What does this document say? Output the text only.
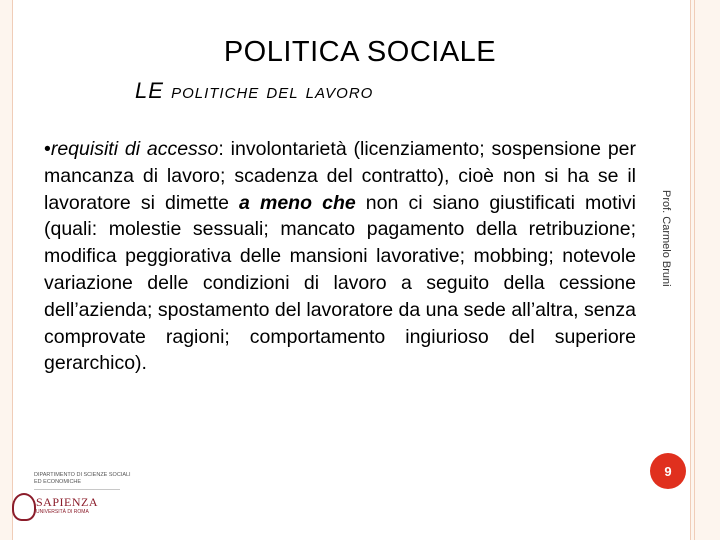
POLITICA SOCIALE
LE politiche del lavoro
•requisiti di accesso: involontarietà (licenziamento; sospensione per mancanza di lavoro; scadenza del contratto), cioè non si ha se il lavoratore si dimette a meno che non ci siano giustificati motivi (quali: molestie sessuali; mancato pagamento della retribuzione; modifica peggiorativa delle mansioni lavorative; mobbing; notevole variazione delle condizioni di lavoro a seguito della cessione dell’azienda; spostamento del lavoratore da una sede all’altra, senza comprovate ragioni; comportamento ingiurioso del superiore gerarchico).
Prof. Carmelo Bruni
9
DIPARTIMENTO DI SCIENZE SOCIALI
ED ECONOMICHE
SAPIENZA
UNIVERSITÀ DI ROMA
